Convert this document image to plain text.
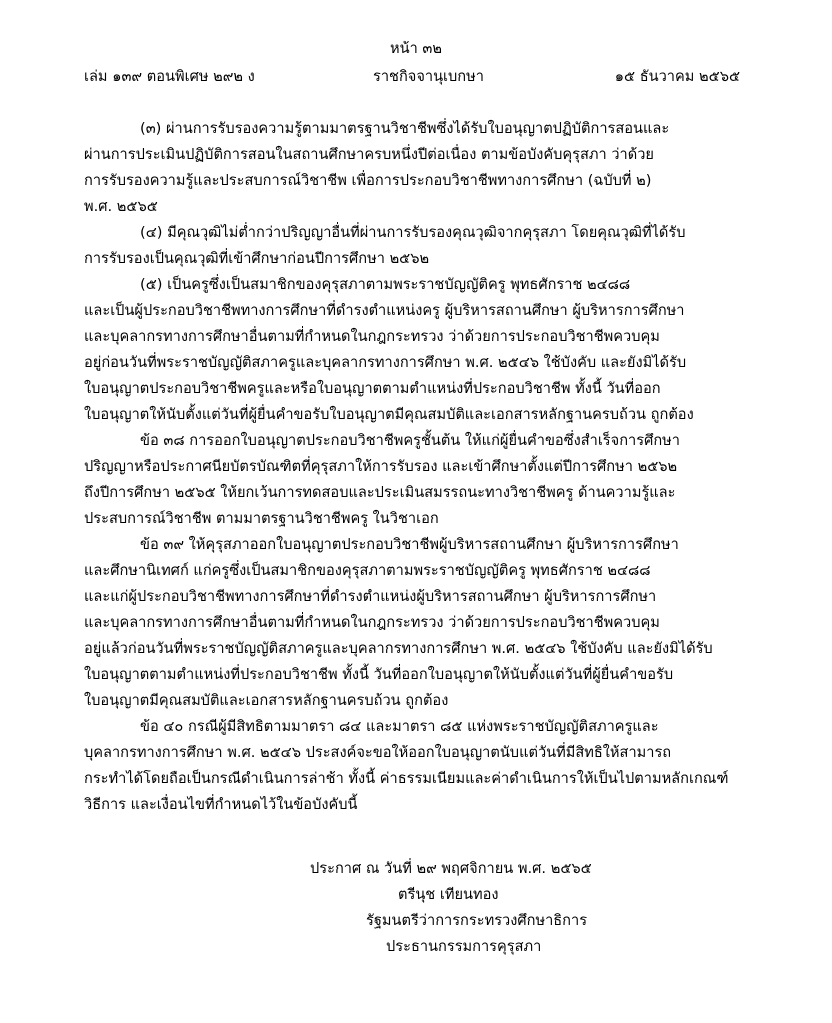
หน้า ๓๒

เล่ม ๑๓๙ ตอนพิเศษ ๒๙๒ ง	ราชกิจจานุเบกษา	๑๕ ธันวาคม ๒๕๖๕

(๓) ผ่านการรับรองความรู้ตามมาตรฐานวิชาชีพซึ่งได้รับใบอนุญาตปฏิบัติการสอนและ

ผ่านการประเมินปฏิบัติการสอนในสถานศึกษาครบหนึ่งปีต่อเนื่อง ตามข้อบังคับคุรุสภา ว่าด้วย

การรับรองความรู้และประสบการณ์วิชาชีพ เพื่อการประกอบวิชาชีพทางการศึกษา (ฉบับที่ ๒)

พ.ศ. ๒๕๖๕

(๔) มีคุณวุฒิไม่ต่ำกว่าปริญญาอื่นที่ผ่านการรับรองคุณวุฒิจากคุรุสภา โดยคุณวุฒิที่ได้รับ

การรับรองเป็นคุณวุฒิที่เข้าศึกษาก่อนปีการศึกษา ๒๕๖๒

(๕) เป็นครูซึ่งเป็นสมาชิกของคุรุสภาตามพระราชบัญญัติครู พุทธศักราช ๒๔๘๘

และเป็นผู้ประกอบวิชาชีพทางการศึกษาที่ดำรงตำแหน่งครู ผู้บริหารสถานศึกษา ผู้บริหารการศึกษา

และบุคลากรทางการศึกษาอื่นตามที่กำหนดในกฎกระทรวง ว่าด้วยการประกอบวิชาชีพควบคุม

อยู่ก่อนวันที่พระราชบัญญัติสภาครูและบุคลากรทางการศึกษา พ.ศ. ๒๕๔๖ ใช้บังคับ และยังมิได้รับ

ใบอนุญาตประกอบวิชาชีพครูและหรือใบอนุญาตตามตำแหน่งที่ประกอบวิชาชีพ ทั้งนี้ วันที่ออก

ใบอนุญาตให้นับตั้งแต่วันที่ผู้ยื่นคำขอรับใบอนุญาตมีคุณสมบัติและเอกสารหลักฐานครบถ้วน ถูกต้อง

ข้อ ๓๘ การออกใบอนุญาตประกอบวิชาชีพครูชั้นต้น ให้แก่ผู้ยื่นคำขอซึ่งสำเร็จการศึกษา

ปริญญาหรือประกาศนียบัตรบัณฑิตที่คุรุสภาให้การรับรอง และเข้าศึกษาตั้งแต่ปีการศึกษา ๒๕๖๒

ถึงปีการศึกษา ๒๕๖๕ ให้ยกเว้นการทดสอบและประเมินสมรรถนะทางวิชาชีพครู ด้านความรู้และ

ประสบการณ์วิชาชีพ ตามมาตรฐานวิชาชีพครู ในวิชาเอก

ข้อ ๓๙ ให้คุรุสภาออกใบอนุญาตประกอบวิชาชีพผู้บริหารสถานศึกษา ผู้บริหารการศึกษา

และศึกษานิเทศก์ แก่ครูซึ่งเป็นสมาชิกของคุรุสภาตามพระราชบัญญัติครู พุทธศักราช ๒๔๘๘

และแก่ผู้ประกอบวิชาชีพทางการศึกษาที่ดำรงตำแหน่งผู้บริหารสถานศึกษา ผู้บริหารการศึกษา

และบุคลากรทางการศึกษาอื่นตามที่กำหนดในกฎกระทรวง ว่าด้วยการประกอบวิชาชีพควบคุม

อยู่แล้วก่อนวันที่พระราชบัญญัติสภาครูและบุคลากรทางการศึกษา พ.ศ. ๒๕๔๖ ใช้บังคับ และยังมิได้รับ

ใบอนุญาตตามตำแหน่งที่ประกอบวิชาชีพ ทั้งนี้ วันที่ออกใบอนุญาตให้นับตั้งแต่วันที่ผู้ยื่นคำขอรับ

ใบอนุญาตมีคุณสมบัติและเอกสารหลักฐานครบถ้วน ถูกต้อง

ข้อ ๔๐ กรณีผู้มีสิทธิตามมาตรา ๘๔ และมาตรา ๘๕ แห่งพระราชบัญญัติสภาครูและ

บุคลากรทางการศึกษา พ.ศ. ๒๕๔๖ ประสงค์จะขอให้ออกใบอนุญาตนับแต่วันที่มีสิทธิให้สามารถ

กระทำได้โดยถือเป็นกรณีดำเนินการล่าช้า ทั้งนี้ ค่าธรรมเนียมและค่าดำเนินการให้เป็นไปตามหลักเกณฑ์

วิธีการ และเงื่อนไขที่กำหนดไว้ในข้อบังคับนี้

ประกาศ ณ วันที่ ๒๙ พฤศจิกายน พ.ศ. ๒๕๖๕

ตรีนุช เทียนทอง

รัฐมนตรีว่าการกระทรวงศึกษาธิการ

ประธานกรรมการคุรุสภา
